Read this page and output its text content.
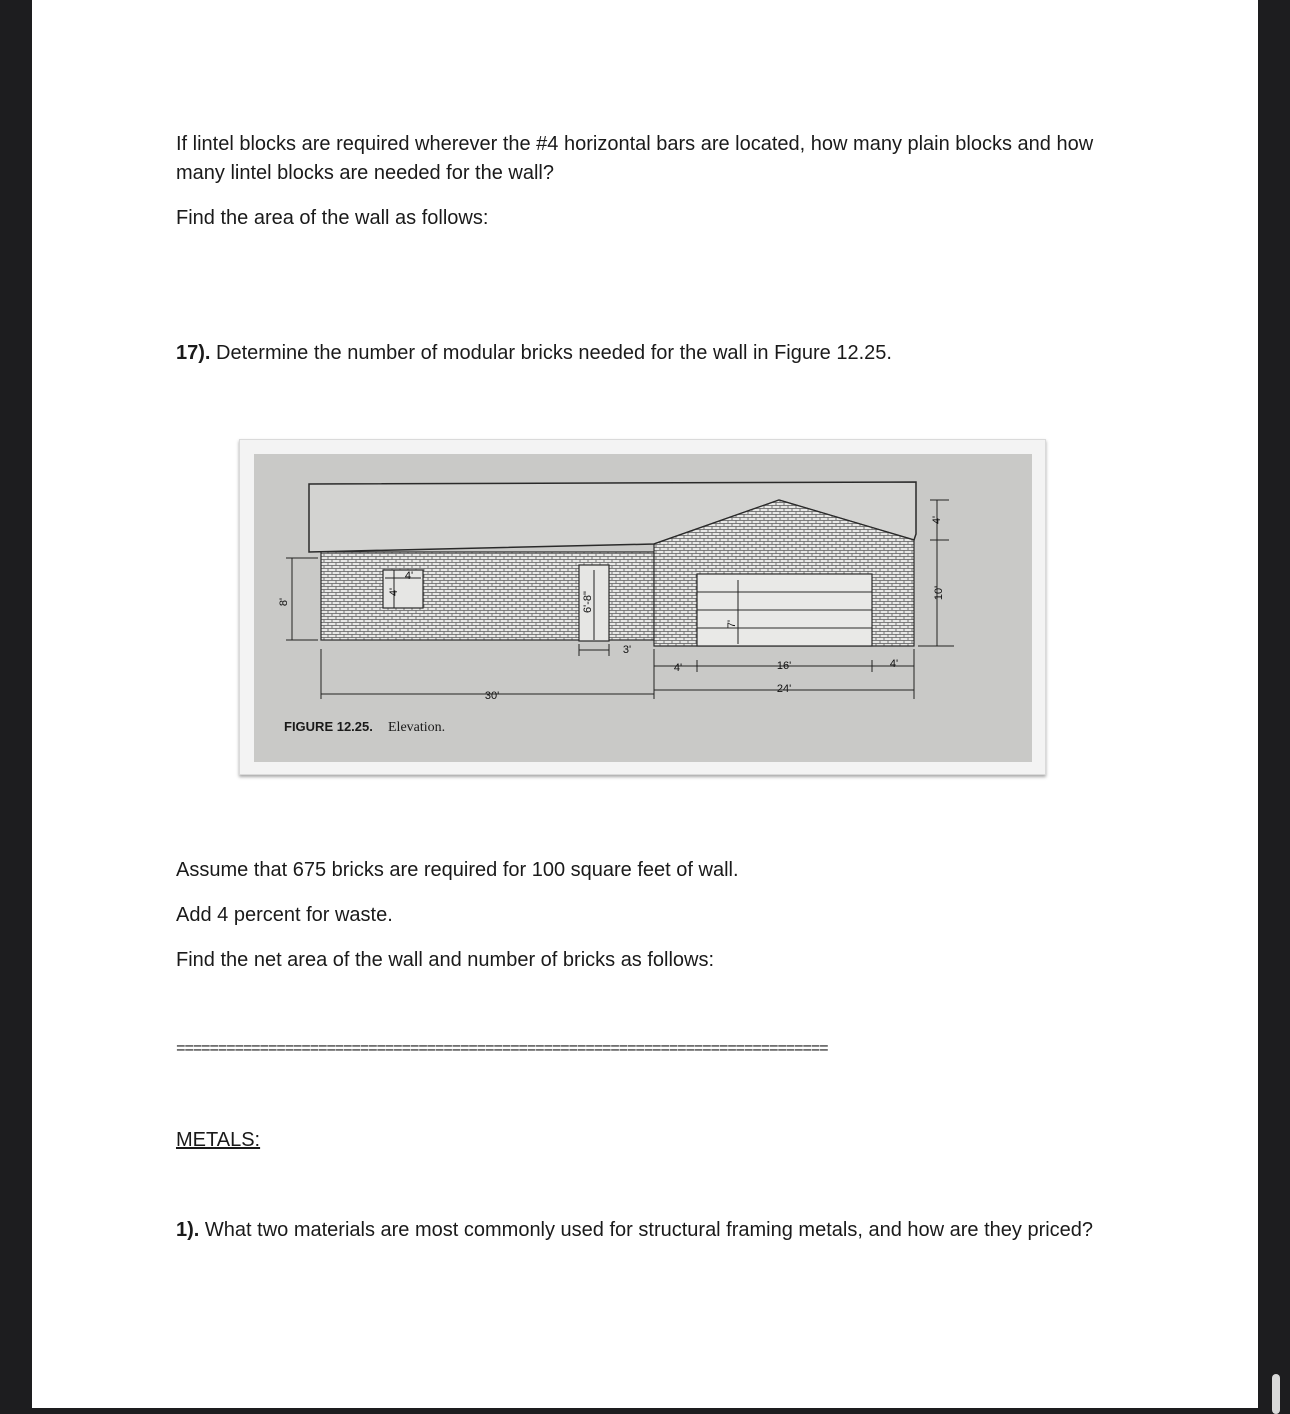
If lintel blocks are required wherever the #4 horizontal bars are located, how many plain blocks and how many lintel blocks are needed for the wall?
Find the area of the wall as follows:
17). Determine the number of modular bricks needed for the wall in Figure 12.25.
8'
4'
4'
6'-8"
3'
7'
30'
4'	16'	4'
24'
10'
4'
FIGURE 12.25. Elevation.
Assume that 675 bricks are required for 100 square feet of wall.
Add 4 percent for waste.
Find the net area of the wall and number of bricks as follows:
==============================================================================
METALS:
1). What two materials are most commonly used for structural framing metals, and how are they priced?
